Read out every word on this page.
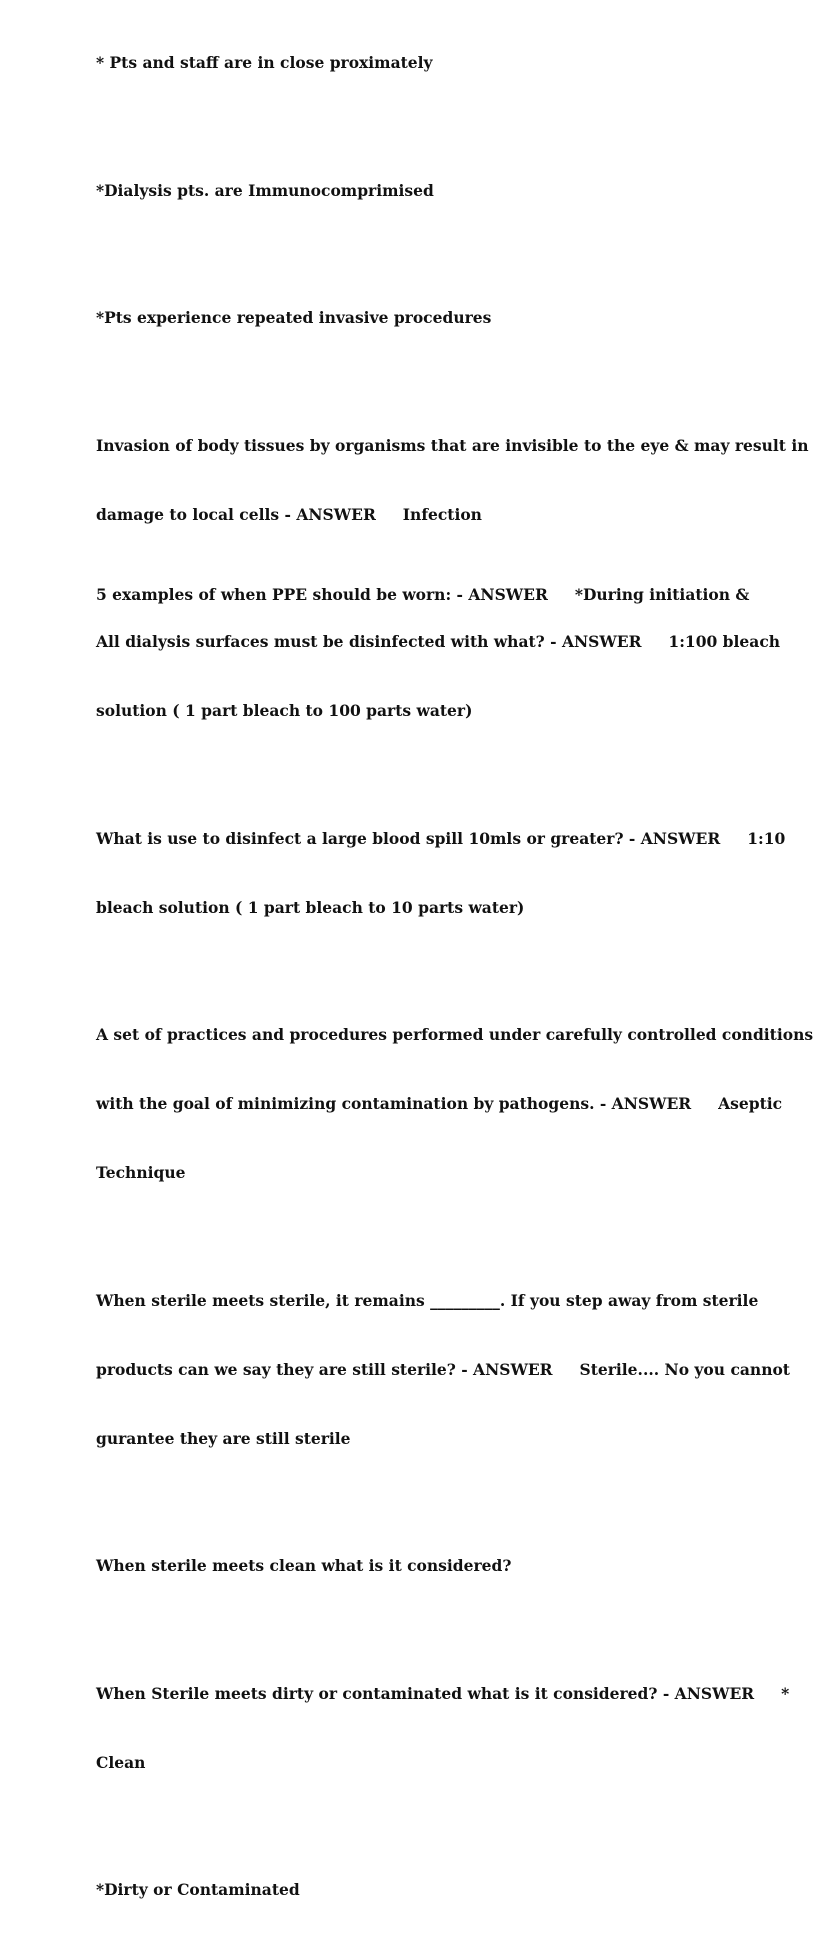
* Pts and staff are in close proximately

*Dialysis pts. are Immunocomprimised

*Pts experience repeated invasive procedures

Invasion of body tissues by organisms that are invisible to the eye & may result in

damage to local cells - ANSWER     Infection

All dialysis surfaces must be disinfected with what? - ANSWER     1:100 bleach

solution ( 1 part bleach to 100 parts water)

What is use to disinfect a large blood spill 10mls or greater? - ANSWER     1:10

bleach solution ( 1 part bleach to 10 parts water)

A set of practices and procedures performed under carefully controlled conditions

with the goal of minimizing contamination by pathogens. - ANSWER     Aseptic

Technique

When sterile meets sterile, it remains _________. If you step away from sterile

products can we say they are still sterile? - ANSWER     Sterile.... No you cannot

gurantee they are still sterile

When sterile meets clean what is it considered?

When Sterile meets dirty or contaminated what is it considered? - ANSWER     *

Clean

*Dirty or Contaminated

5 examples of when PPE should be worn: - ANSWER     *During initiation &
